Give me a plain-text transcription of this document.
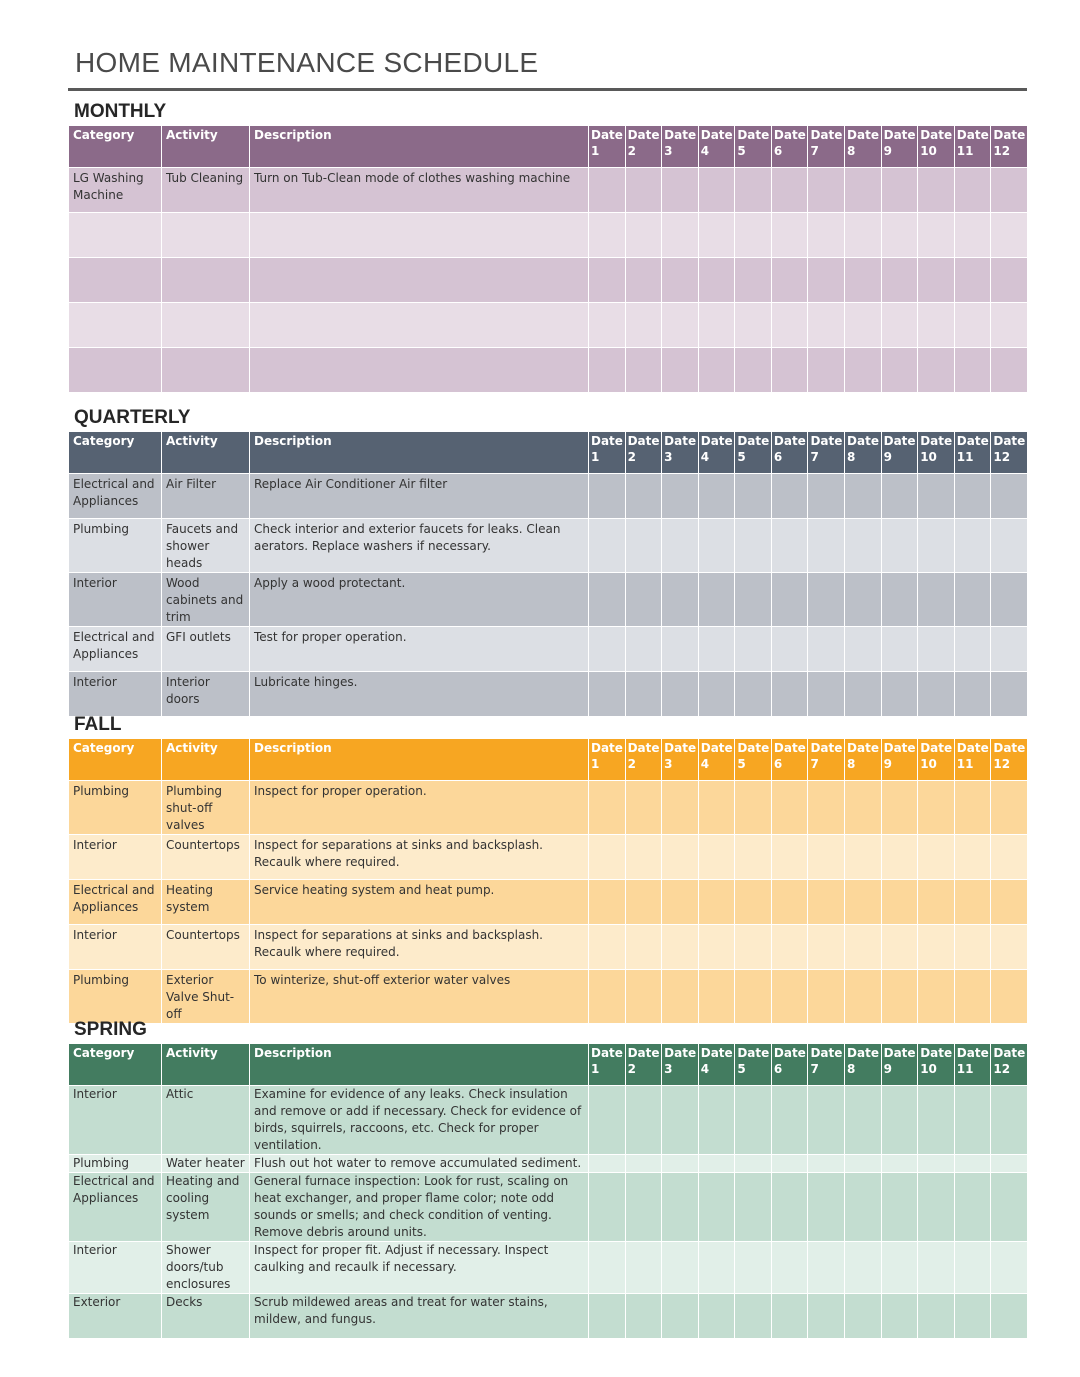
HOME MAINTENANCE SCHEDULE
MONTHLY
Category	Activity	Description	Date 1	Date 2	Date 3	Date 4	Date 5	Date 6	Date 7	Date 8	Date 9	Date 10	Date 11	Date 12
LG Washing Machine	Tub Cleaning	Turn on Tub-Clean mode of clothes washing machine												

QUARTERLY
Category	Activity	Description	Date 1	Date 2	Date 3	Date 4	Date 5	Date 6	Date 7	Date 8	Date 9	Date 10	Date 11	Date 12
Electrical and Appliances	Air Filter	Replace Air Conditioner Air filter												
Plumbing	Faucets and shower heads	Check interior and exterior faucets for leaks. Clean aerators. Replace washers if necessary.												
Interior	Wood cabinets and trim	Apply a wood protectant.												
Electrical and Appliances	GFI outlets	Test for proper operation.												
Interior	Interior doors	Lubricate hinges.												
FALL
Category	Activity	Description	Date 1	Date 2	Date 3	Date 4	Date 5	Date 6	Date 7	Date 8	Date 9	Date 10	Date 11	Date 12
Plumbing	Plumbing shut-off valves	Inspect for proper operation.												
Interior	Countertops	Inspect for separations at sinks and backsplash. Recaulk where required.												
Electrical and Appliances	Heating system	Service heating system and heat pump.												
Interior	Countertops	Inspect for separations at sinks and backsplash. Recaulk where required.												
Plumbing	Exterior Valve Shut-off	To winterize, shut-off exterior water valves												
SPRING
Category	Activity	Description	Date 1	Date 2	Date 3	Date 4	Date 5	Date 6	Date 7	Date 8	Date 9	Date 10	Date 11	Date 12
Interior	Attic	Examine for evidence of any leaks. Check insulation and remove or add if necessary. Check for evidence of birds, squirrels, raccoons, etc. Check for proper ventilation.												
Plumbing	Water heater	Flush out hot water to remove accumulated sediment.												
Electrical and Appliances	Heating and cooling system	General furnace inspection: Look for rust, scaling on heat exchanger, and proper flame color; note odd sounds or smells; and check condition of venting. Remove debris around units.												
Interior	Shower doors/tub enclosures	Inspect for proper fit. Adjust if necessary. Inspect caulking and recaulk if necessary.												
Exterior	Decks	Scrub mildewed areas and treat for water stains, mildew, and fungus.												
